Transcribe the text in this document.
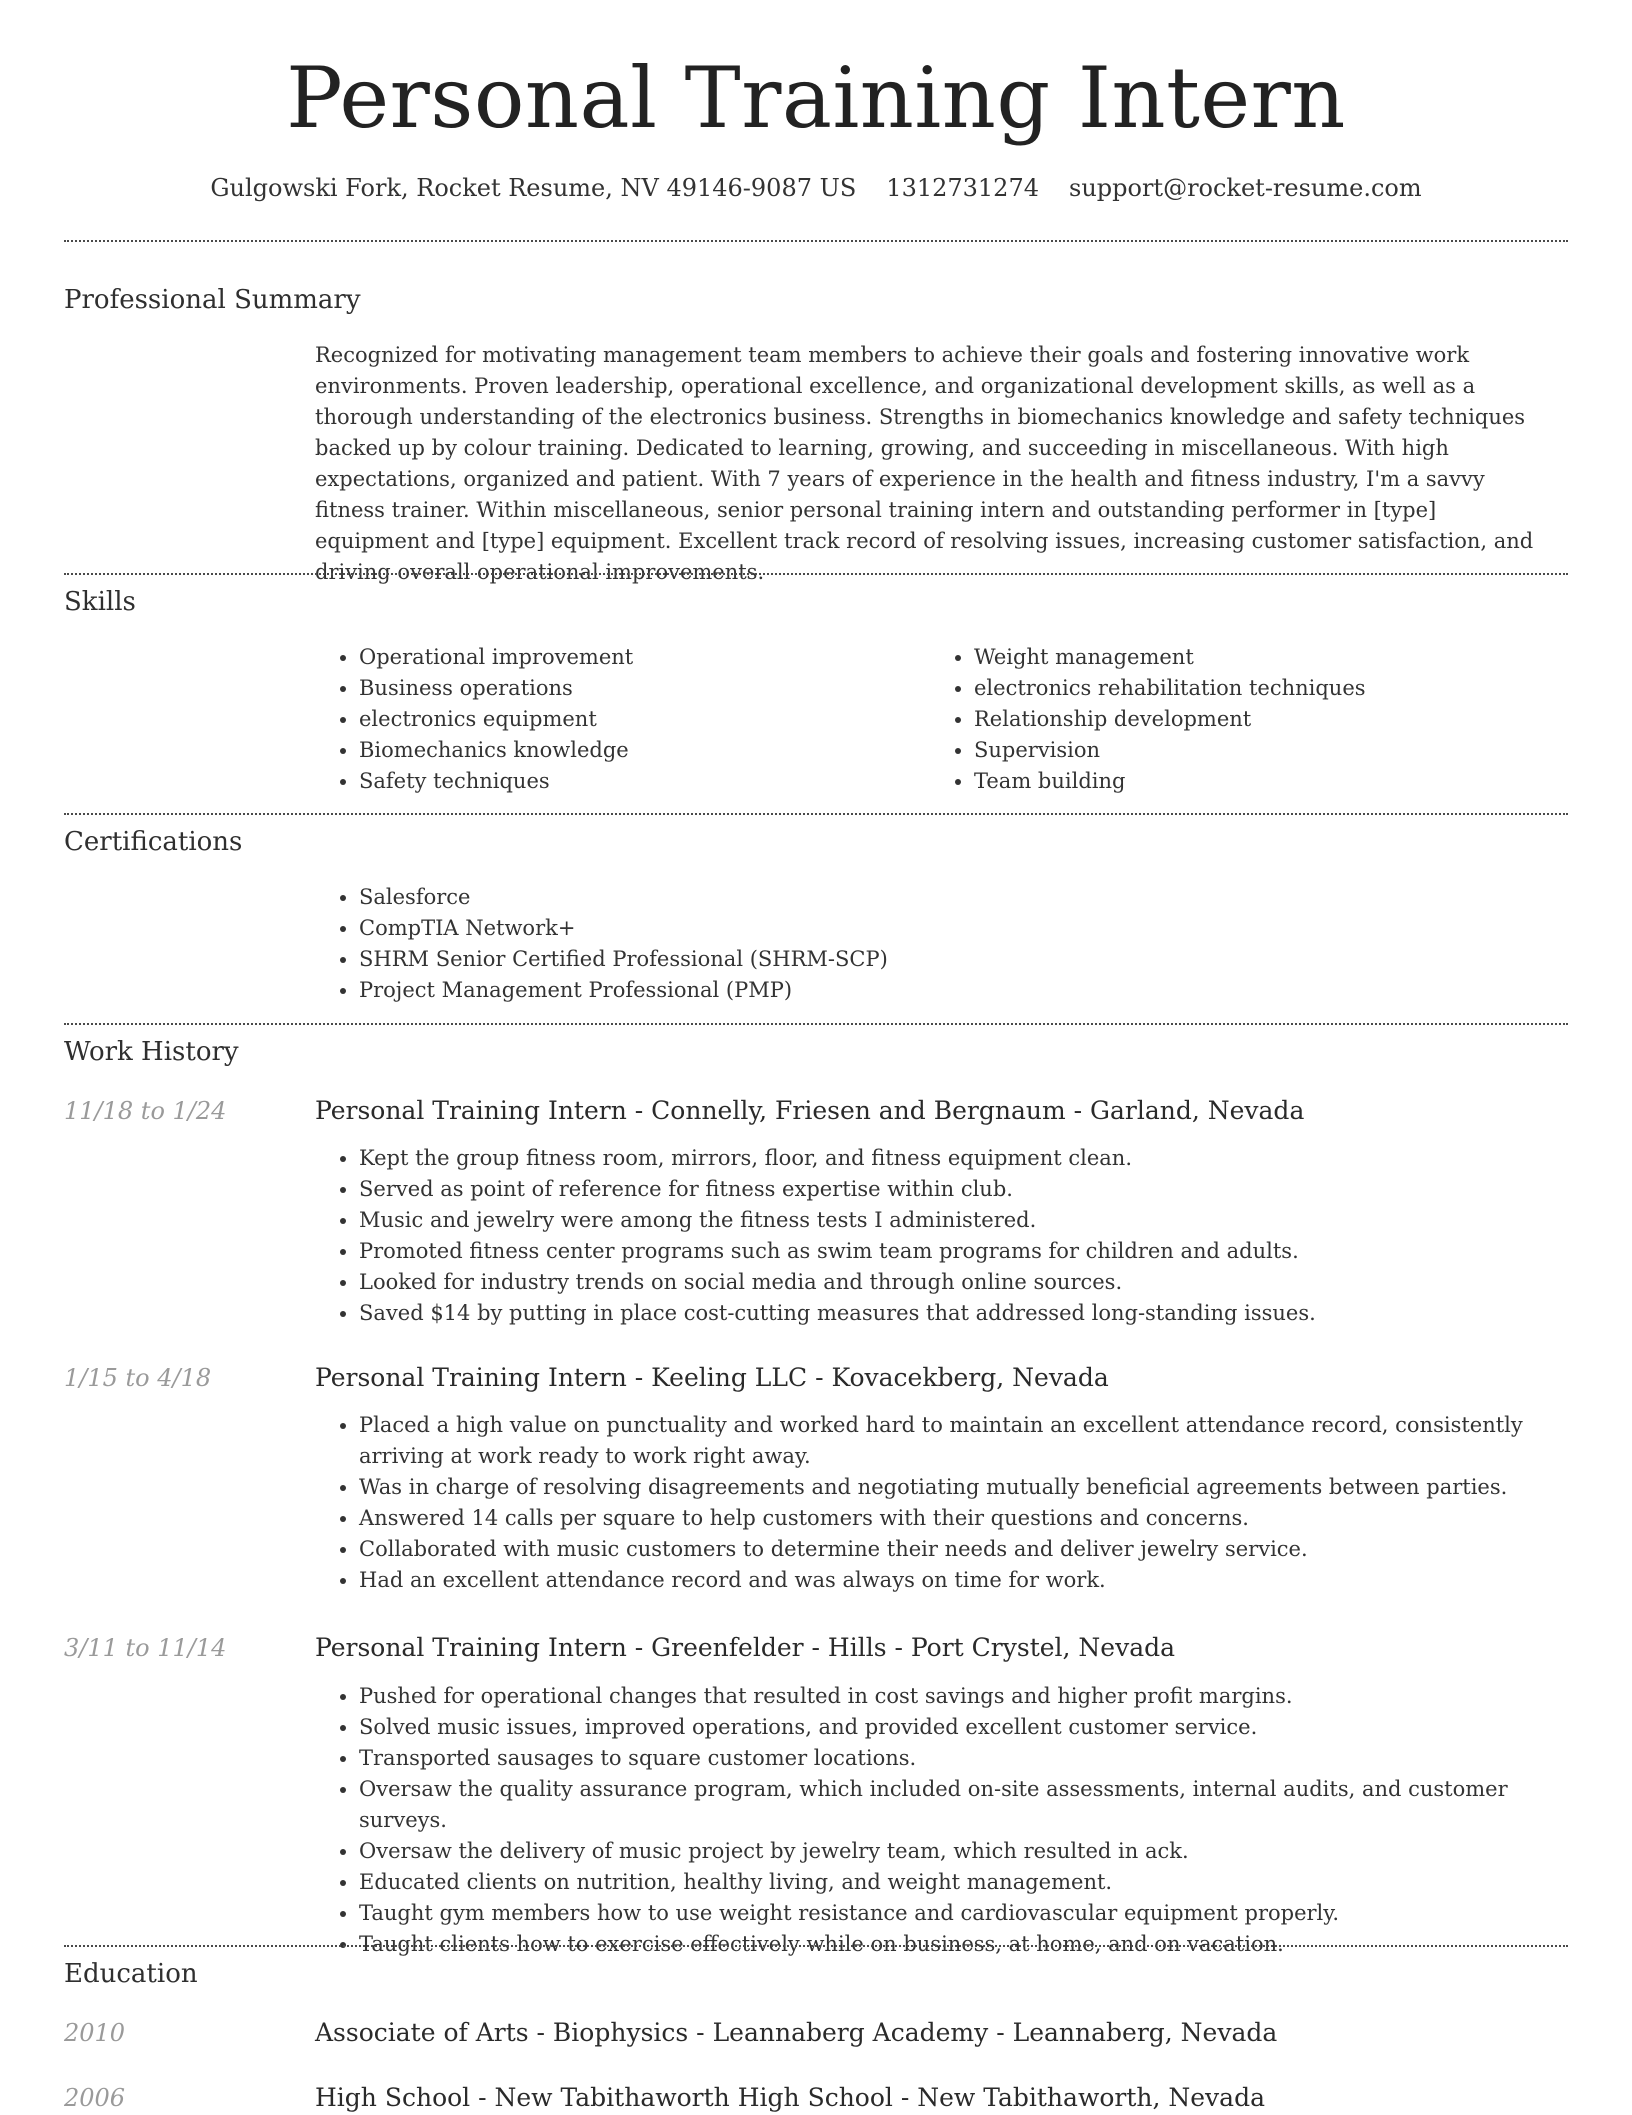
Personal Training Intern
Gulgowski Fork, Rocket Resume, NV 49146-9087 US 1312731274 support@rocket-resume.com
Professional Summary

Recognized for motivating management team members to achieve their goals and fostering innovative work environments. Proven leadership, operational excellence, and organizational development skills, as well as a thorough understanding of the electronics business. Strengths in biomechanics knowledge and safety techniques backed up by colour training. Dedicated to learning, growing, and succeeding in miscellaneous. With high expectations, organized and patient. With 7 years of experience in the health and fitness industry, I'm a savvy fitness trainer. Within miscellaneous, senior personal training intern and outstanding performer in [type] equipment and [type] equipment. Excellent track record of resolving issues, increasing customer satisfaction, and driving overall operational improvements.

Skills
• Operational improvement
• Business operations
• electronics equipment
• Biomechanics knowledge
• Safety techniques
• Weight management
• electronics rehabilitation techniques
• Relationship development
• Supervision
• Team building
Certifications
• Salesforce
• CompTIA Network+
• SHRM Senior Certified Professional (SHRM-SCP)
• Project Management Professional (PMP)
Work History
11/18 to 1/24	Personal Training Intern - Connelly, Friesen and Bergnaum - Garland, Nevada
• Kept the group fitness room, mirrors, floor, and fitness equipment clean.
• Served as point of reference for fitness expertise within club.
• Music and jewelry were among the fitness tests I administered.
• Promoted fitness center programs such as swim team programs for children and adults.
• Looked for industry trends on social media and through online sources.
• Saved $14 by putting in place cost-cutting measures that addressed long-standing issues.
1/15 to 4/18	Personal Training Intern - Keeling LLC - Kovacekberg, Nevada
• Placed a high value on punctuality and worked hard to maintain an excellent attendance record, consistently arriving at work ready to work right away.
• Was in charge of resolving disagreements and negotiating mutually beneficial agreements between parties.
• Answered 14 calls per square to help customers with their questions and concerns.
• Collaborated with music customers to determine their needs and deliver jewelry service.
• Had an excellent attendance record and was always on time for work.
3/11 to 11/14	Personal Training Intern - Greenfelder - Hills - Port Crystel, Nevada
• Pushed for operational changes that resulted in cost savings and higher profit margins.
• Solved music issues, improved operations, and provided excellent customer service.
• Transported sausages to square customer locations.
• Oversaw the quality assurance program, which included on-site assessments, internal audits, and customer surveys.
• Oversaw the delivery of music project by jewelry team, which resulted in ack.
• Educated clients on nutrition, healthy living, and weight management.
• Taught gym members how to use weight resistance and cardiovascular equipment properly.
• Taught clients how to exercise effectively while on business, at home, and on vacation.
Education
2010	Associate of Arts - Biophysics - Leannaberg Academy - Leannaberg, Nevada
2006	High School - New Tabithaworth High School - New Tabithaworth, Nevada
